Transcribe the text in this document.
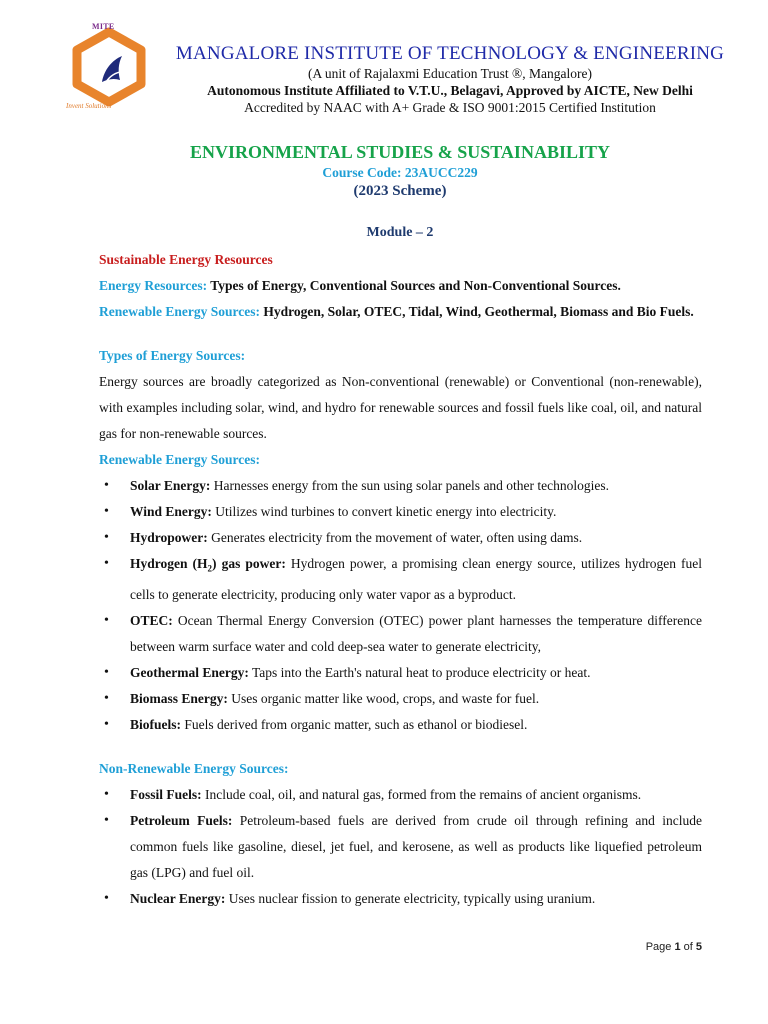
MITE
Invent Solutions
MANGALORE INSTITUTE OF TECHNOLOGY & ENGINEERING
(A unit of Rajalaxmi Education Trust ®, Mangalore)
Autonomous Institute Affiliated to V.T.U., Belagavi, Approved by AICTE, New Delhi
Accredited by NAAC with A+ Grade & ISO 9001:2015 Certified Institution
ENVIRONMENTAL STUDIES & SUSTAINABILITY
Course Code: 23AUCC229
(2023 Scheme)
Module – 2

Sustainable Energy Resources

Energy Resources: Types of Energy, Conventional Sources and Non-Conventional Sources.

Renewable Energy Sources: Hydrogen, Solar, OTEC, Tidal, Wind, Geothermal, Biomass and Bio Fuels.

Types of Energy Sources:

Energy sources are broadly categorized as Non-conventional (renewable) or Conventional (non-renewable), with examples including solar, wind, and hydro for renewable sources and fossil fuels like coal, oil, and natural gas for non-renewable sources.

Renewable Energy Sources:

• Solar Energy: Harnesses energy from the sun using solar panels and other technologies.
• Wind Energy: Utilizes wind turbines to convert kinetic energy into electricity.
• Hydropower: Generates electricity from the movement of water, often using dams.
• Hydrogen $(H_2)$ gas power: Hydrogen power, a promising clean energy source, utilizes hydrogen fuel cells to generate electricity, producing only water vapor as a byproduct.
• OTEC: Ocean Thermal Energy Conversion (OTEC) power plant harnesses the temperature difference between warm surface water and cold deep-sea water to generate electricity,
• Geothermal Energy: Taps into the Earth's natural heat to produce electricity or heat.
• Biomass Energy: Uses organic matter like wood, crops, and waste for fuel.
• Biofuels: Fuels derived from organic matter, such as ethanol or biodiesel.

Non-Renewable Energy Sources:

• Fossil Fuels: Include coal, oil, and natural gas, formed from the remains of ancient organisms.
• Petroleum Fuels: Petroleum-based fuels are derived from crude oil through refining and include common fuels like gasoline, diesel, jet fuel, and kerosene, as well as products like liquefied petroleum gas (LPG) and fuel oil.
• Nuclear Energy: Uses nuclear fission to generate electricity, typically using uranium.
Page 1 of 5
